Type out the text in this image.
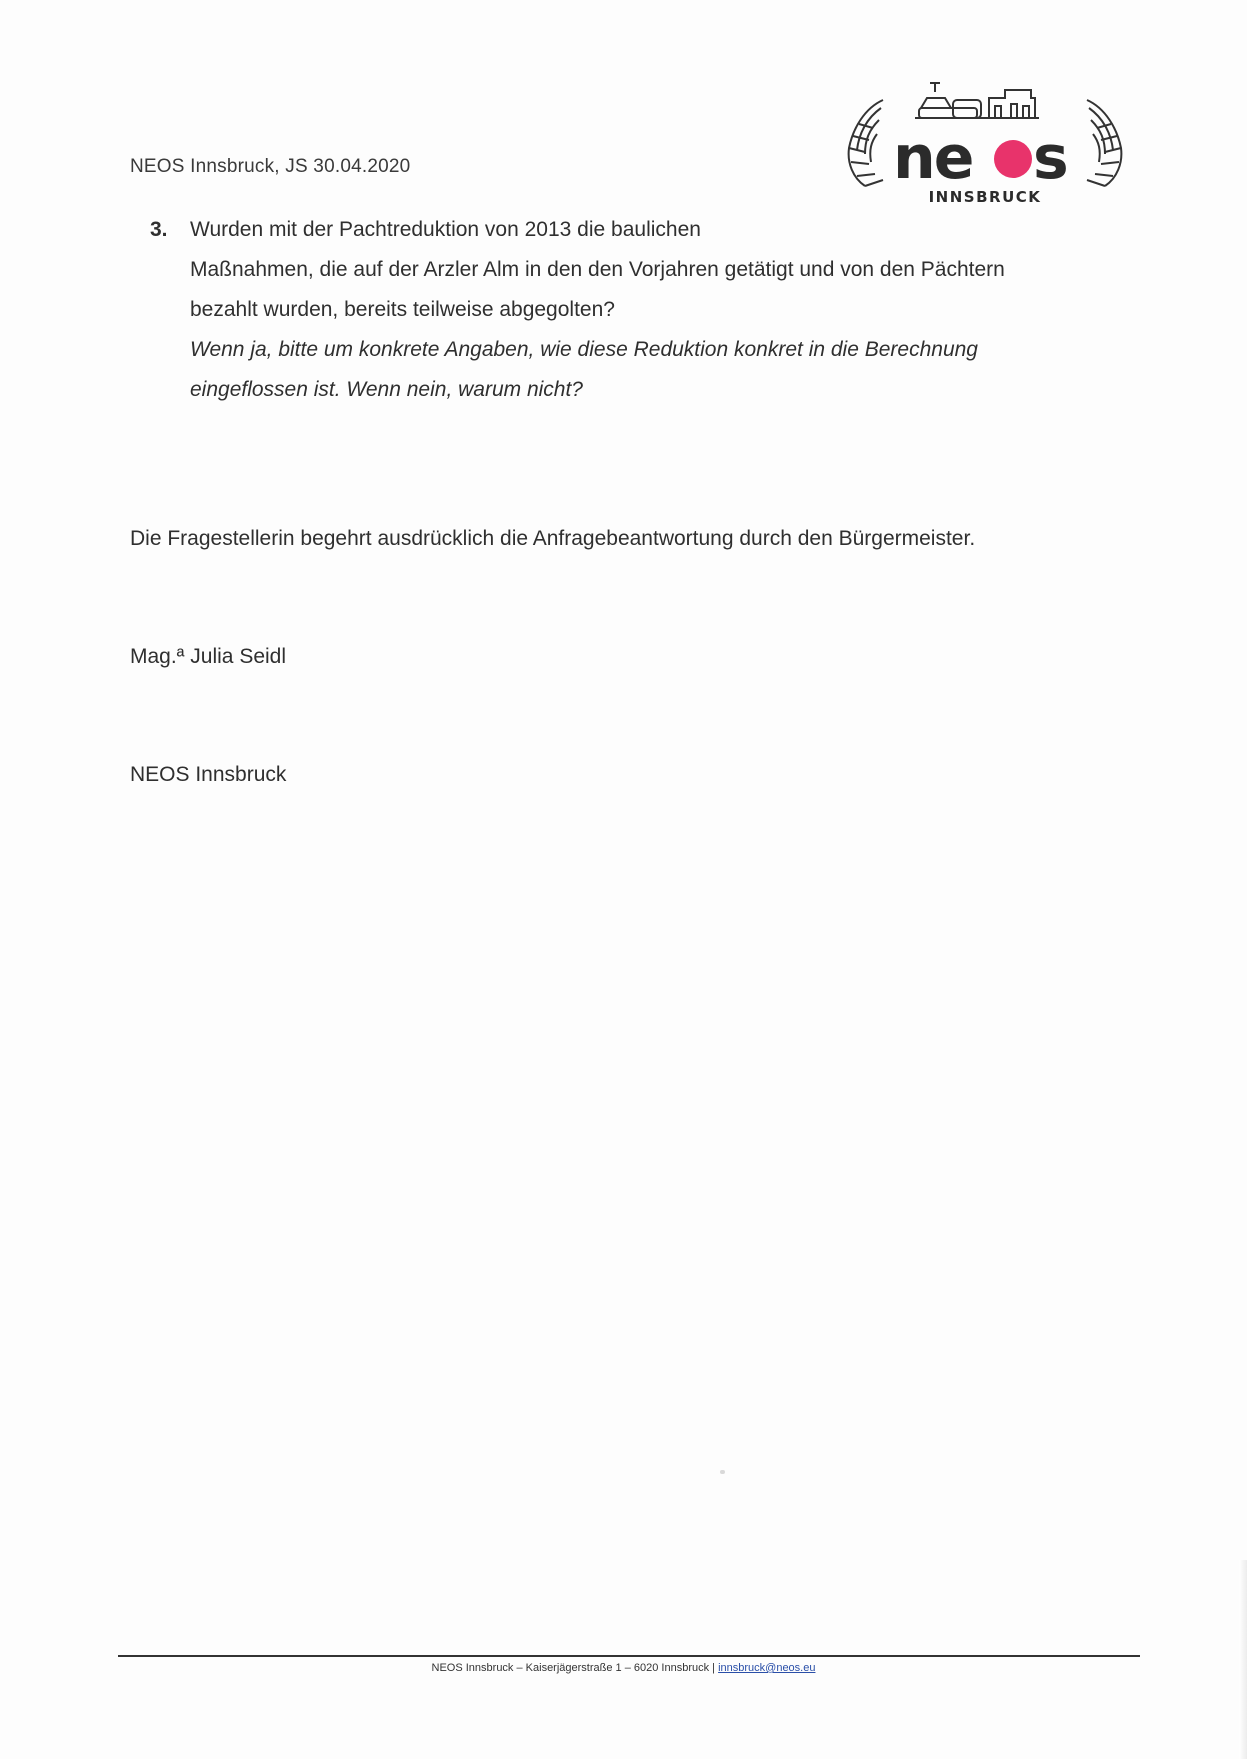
NEOS Innsbruck, JS 30.04.2020	ne s
INNSBRUCK
3. Wurden mit der Pachtreduktion von 2013 die baulichen
Maßnahmen, die auf der Arzler Alm in den den Vorjahren getätigt und von den Pächtern
bezahlt wurden, bereits teilweise abgegolten?
Wenn ja, bitte um konkrete Angaben, wie diese Reduktion konkret in die Berechnung
eingeflossen ist. Wenn nein, warum nicht?
Die Fragestellerin begehrt ausdrücklich die Anfragebeantwortung durch den Bürgermeister.
Mag.ª Julia Seidl
NEOS Innsbruck
NEOS Innsbruck – Kaiserjägerstraße 1 – 6020 Innsbruck | innsbruck@neos.eu
